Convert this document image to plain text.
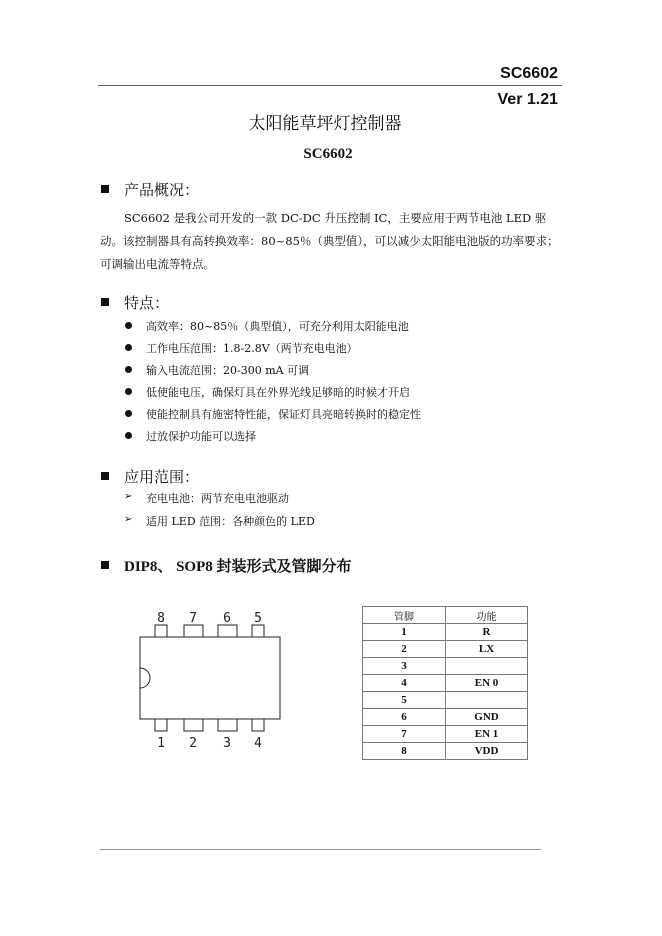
SC6602
Ver 1.21
太阳能草坪灯控制器
SC6602
产品概况：
SC6602 是我公司开发的一款 DC-DC 升压控制 IC，主要应用于两节电池 LED 驱动。该控制器具有高转换效率：80~85％（典型值），可以减少太阳能电池版的功率要求；可调输出电流等特点。
特点：
高效率：80~85％（典型值），可充分利用太阳能电池
工作电压范围：1.8-2.8V（两节充电电池）
输入电流范围：20-300 mA 可调
低使能电压，确保灯具在外界光线足够暗的时候才开启
使能控制具有施密特性能，保证灯具亮暗转换时的稳定性
过放保护功能可以选择
应用范围：
➢ 充电电池：两节充电电池驱动
➢ 适用 LED 范围：各种颜色的 LED
DIP8、 SOP8 封装形式及管脚分布
8 7 6 5
1 2 3 4
管脚	功能
1	R
2	LX
3	
4	EN 0
5	
6	GND
7	EN 1
8	VDD
